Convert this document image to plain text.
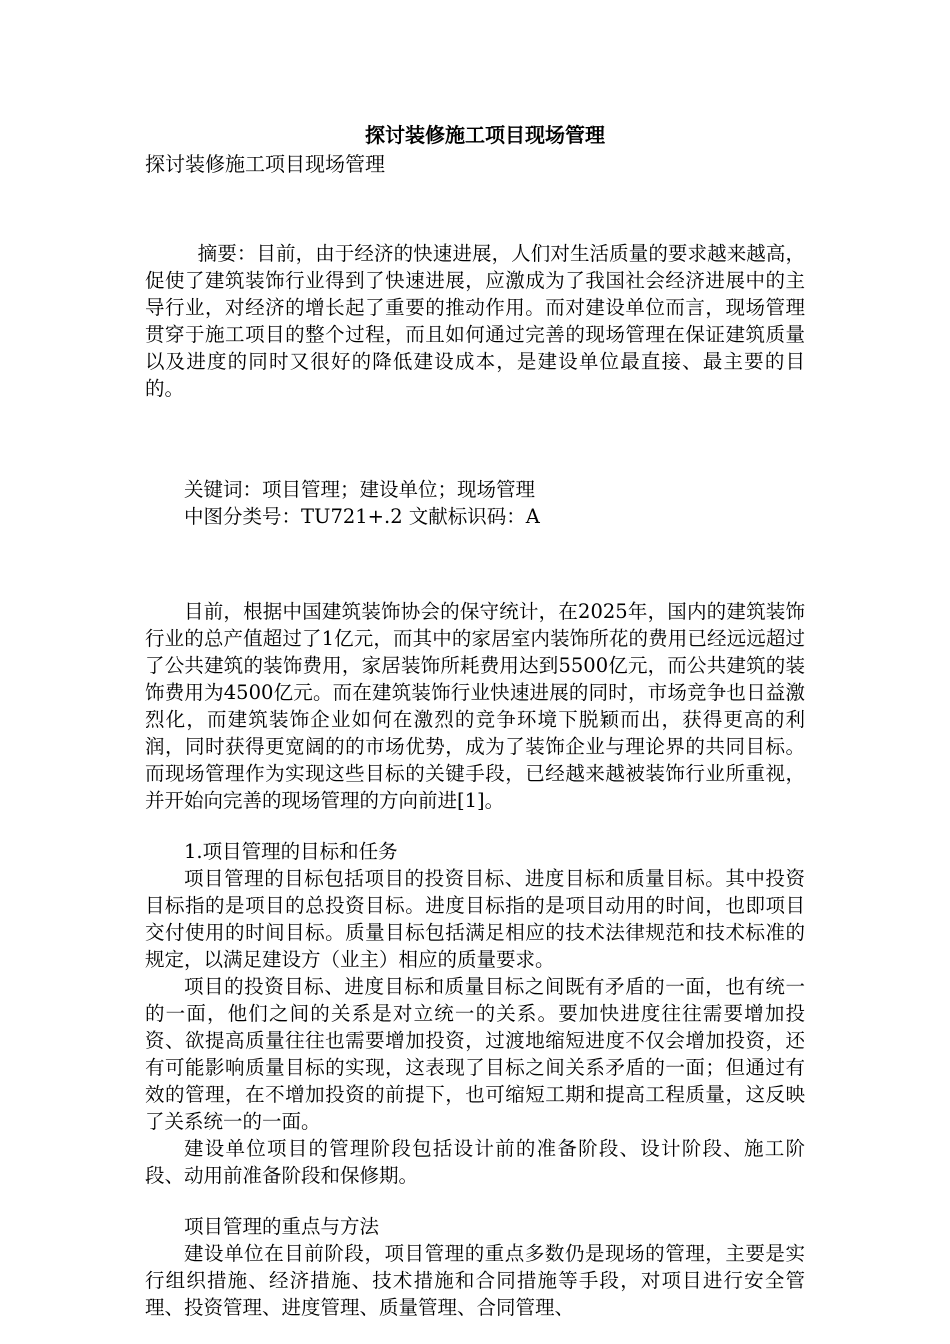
探讨装修施工项目现场管理
探讨装修施工项目现场管理

摘要：目前，由于经济的快速进展，人们对生活质量的要求越来越高，促使了建筑装饰行业得到了快速进展，应激成为了我国社会经济进展中的主导行业，对经济的增长起了重要的推动作用。而对建设单位而言，现场管理贯穿于施工项目的整个过程，而且如何通过完善的现场管理在保证建筑质量以及进度的同时又很好的降低建设成本，是建设单位最直接、最主要的目的。

关键词：项目管理；建设单位；现场管理

中图分类号：TU721+.2 文献标识码：A

目前，根据中国建筑装饰协会的保守统计，在2025年，国内的建筑装饰行业的总产值超过了1亿元，而其中的家居室内装饰所花的费用已经远远超过了公共建筑的装饰费用，家居装饰所耗费用达到5500亿元，而公共建筑的装饰费用为4500亿元。而在建筑装饰行业快速进展的同时，市场竞争也日益激烈化，而建筑装饰企业如何在激烈的竞争环境下脱颖而出，获得更高的利润，同时获得更宽阔的的市场优势，成为了装饰企业与理论界的共同目标。而现场管理作为实现这些目标的关键手段，已经越来越被装饰行业所重视，并开始向完善的现场管理的方向前进[1]。

1.项目管理的目标和任务

项目管理的目标包括项目的投资目标、进度目标和质量目标。其中投资目标指的是项目的总投资目标。进度目标指的是项目动用的时间，也即项目交付使用的时间目标。质量目标包括满足相应的技术法律规范和技术标准的规定，以满足建设方（业主）相应的质量要求。

项目的投资目标、进度目标和质量目标之间既有矛盾的一面，也有统一的一面，他们之间的关系是对立统一的关系。要加快进度往往需要增加投资、欲提高质量往往也需要增加投资，过渡地缩短进度不仅会增加投资，还有可能影响质量目标的实现，这表现了目标之间关系矛盾的一面；但通过有效的管理，在不增加投资的前提下，也可缩短工期和提高工程质量，这反映了关系统一的一面。

建设单位项目的管理阶段包括设计前的准备阶段、设计阶段、施工阶段、动用前准备阶段和保修期。

项目管理的重点与方法

建设单位在目前阶段，项目管理的重点多数仍是现场的管理，主要是实行组织措施、经济措施、技术措施和合同措施等手段，对项目进行安全管理、投资管理、进度管理、质量管理、合同管理、
